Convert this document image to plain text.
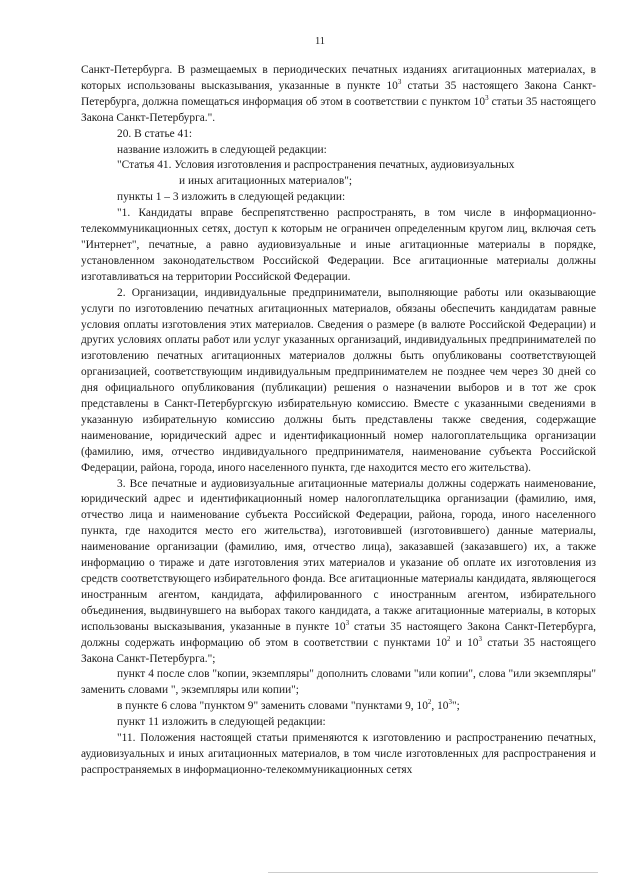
11

Санкт-Петербурга. В размещаемых в периодических печатных изданиях агитационных материалах, в которых использованы высказывания, указанные в пункте $10^3$ статьи 35 настоящего Закона Санкт-Петербурга, должна помещаться информация об этом в соответствии с пунктом $10^3$ статьи 35 настоящего Закона Санкт-Петербурга.".

20. В статье 41:

название изложить в следующей редакции:

"Статья 41. Условия изготовления и распространения печатных, аудиовизуальных

и иных агитационных материалов";

пункты 1 – 3 изложить в следующей редакции:

"1. Кандидаты вправе беспрепятственно распространять, в том числе в информационно-телекоммуникационных сетях, доступ к которым не ограничен определенным кругом лиц, включая сеть "Интернет", печатные, а равно аудиовизуальные и иные агитационные материалы в порядке, установленном законодательством Российской Федерации. Все агитационные материалы должны изготавливаться на территории Российской Федерации.

2. Организации, индивидуальные предприниматели, выполняющие работы или оказывающие услуги по изготовлению печатных агитационных материалов, обязаны обеспечить кандидатам равные условия оплаты изготовления этих материалов. Сведения о размере (в валюте Российской Федерации) и других условиях оплаты работ или услуг указанных организаций, индивидуальных предпринимателей по изготовлению печатных агитационных материалов должны быть опубликованы соответствующей организацией, соответствующим индивидуальным предпринимателем не позднее чем через 30 дней со дня официального опубликования (публикации) решения о назначении выборов и в тот же срок представлены в Санкт-Петербургскую избирательную комиссию. Вместе с указанными сведениями в указанную избирательную комиссию должны быть представлены также сведения, содержащие наименование, юридический адрес и идентификационный номер налогоплательщика организации (фамилию, имя, отчество индивидуального предпринимателя, наименование субъекта Российской Федерации, района, города, иного населенного пункта, где находится место его жительства).

3. Все печатные и аудиовизуальные агитационные материалы должны содержать наименование, юридический адрес и идентификационный номер налогоплательщика организации (фамилию, имя, отчество лица и наименование субъекта Российской Федерации, района, города, иного населенного пункта, где находится место его жительства), изготовившей (изготовившего) данные материалы, наименование организации (фамилию, имя, отчество лица), заказавшей (заказавшего) их, а также информацию о тираже и дате изготовления этих материалов и указание об оплате их изготовления из средств соответствующего избирательного фонда. Все агитационные материалы кандидата, являющегося иностранным агентом, кандидата, аффилированного с иностранным агентом, избирательного объединения, выдвинувшего на выборах такого кандидата, а также агитационные материалы, в которых использованы высказывания, указанные в пункте $10^3$ статьи 35 настоящего Закона Санкт-Петербурга, должны содержать информацию об этом в соответствии с пунктами $10^2$ и $10^3$ статьи 35 настоящего Закона Санкт-Петербурга.";

пункт 4 после слов "копии, экземпляры" дополнить словами "или копии", слова "или экземпляры" заменить словами ", экземпляры или копии";

в пункте 6 слова "пунктом 9" заменить словами "пунктами 9, $10^2$, $10^3$";

пункт 11 изложить в следующей редакции:

"11. Положения настоящей статьи применяются к изготовлению и распространению печатных, аудиовизуальных и иных агитационных материалов, в том числе изготовленных для распространения и распространяемых в информационно-телекоммуникационных сетях
